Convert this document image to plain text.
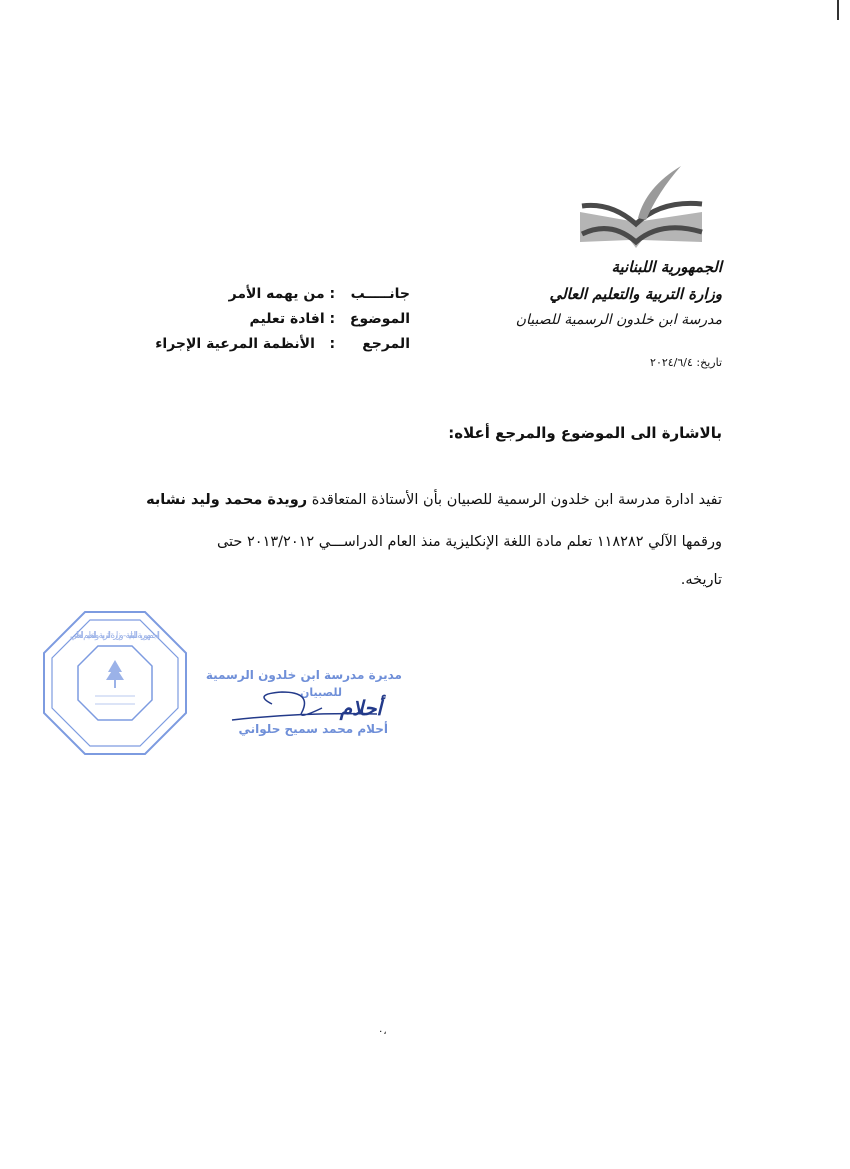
الجمهورية اللبنانية
وزارة التربية والتعليم العالي
مدرسة ابن خلدون الرسمية للصبيان
تاريخ: ٢٠٢٤/٦/٤
جانـــــب : من يهمه الأمر
الموضوع : افادة تعليم
المرجع :   الأنظمة المرعية الإجراء
بالاشارة الى الموضوع والمرجع أعلاه:
تفيد ادارة مدرسة ابن خلدون الرسمية للصبيان بأن الأستاذة المتعاقدة رويدة محمد وليد نشابه
ورقمها الآلي ١١٨٢٨٢ تعلم مادة اللغة الإنكليزية منذ العام الدراســـي ٢٠١٣/٢٠١٢ حتى
تاريخه.
الجمهورية اللبنانية - وزارة التربية والتعليم العالي
مديرة مدرسة ابن خلدون الرسمية
للصبيان
أحلام
أحلام محمد سميح حلواني
٠،
